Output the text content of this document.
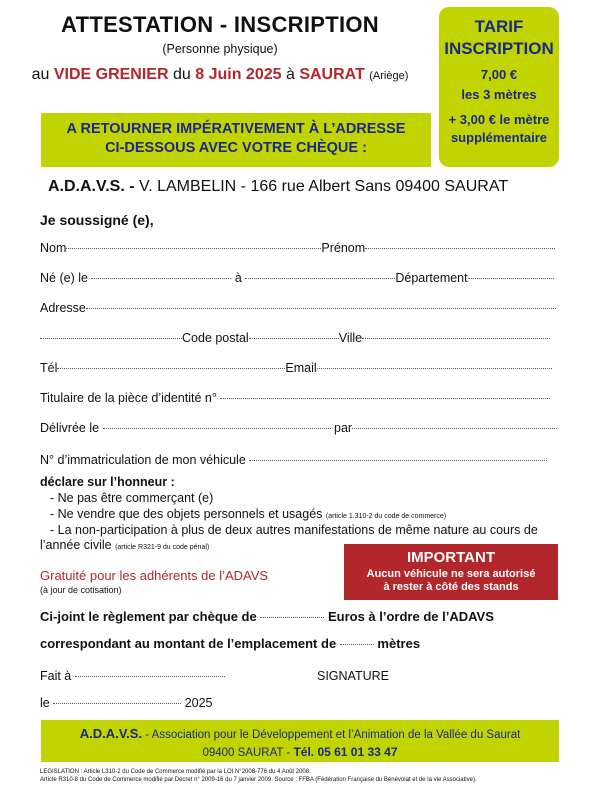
ATTESTATION - INSCRIPTION
(Personne physique)
au VIDE GRENIER du 8 Juin 2025 à SAURAT (Ariège)
TARIF
INSCRIPTION
7,00 €
les 3 mètres
+ 3,00 € le mètre
supplémentaire
A RETOURNER IMPÉRATIVEMENT À L’ADRESSE
CI-DESSOUS AVEC VOTRE CHÈQUE :
A.D.A.V.S. - V. LAMBELIN - 166 rue Albert Sans 09400 SAURAT
Je soussigné (e),
Nom	Prénom
Né (e) le	à	Département
Adresse
Code postal	Ville
Tél	Email
Titulaire de la pièce d’identité n°
Délivrée le	par
N° d’immatriculation de mon véhicule
déclare sur l’honneur :
- Ne pas être commerçant (e)
- Ne vendre que des objets personnels et usagés (article 1.310-2 du code de commerce)
- La non-participation à plus de deux autres manifestations de même nature au cours de
l’année civile (article R321-9 du code pénal)
Gratuité pour les adhérents de l’ADAVS
(à jour de cotisation)
IMPORTANT
Aucun véhicule ne sera autorisé
à rester à côté des stands
Ci-joint le règlement par chèque de	Euros à l’ordre de l’ADAVS
correspondant au montant de l’emplacement de	mètres
Fait à	SIGNATURE
le	2025
A.D.A.V.S. - Association pour le Développement et l’Animation de la Vallée du Saurat
09400 SAURAT - Tél. 05 61 01 33 47
LEGISLATION : Article L310-2 du Code de Commerce modifié par la LOI N°2008-776 du 4 Août 2008.
Article R310-8 du Code de Commerce modifié par Décret n° 2009-16 du 7 janvier 2009. Source : FFBA (Fédération Française du Bénévolat et de la vie Associative).
